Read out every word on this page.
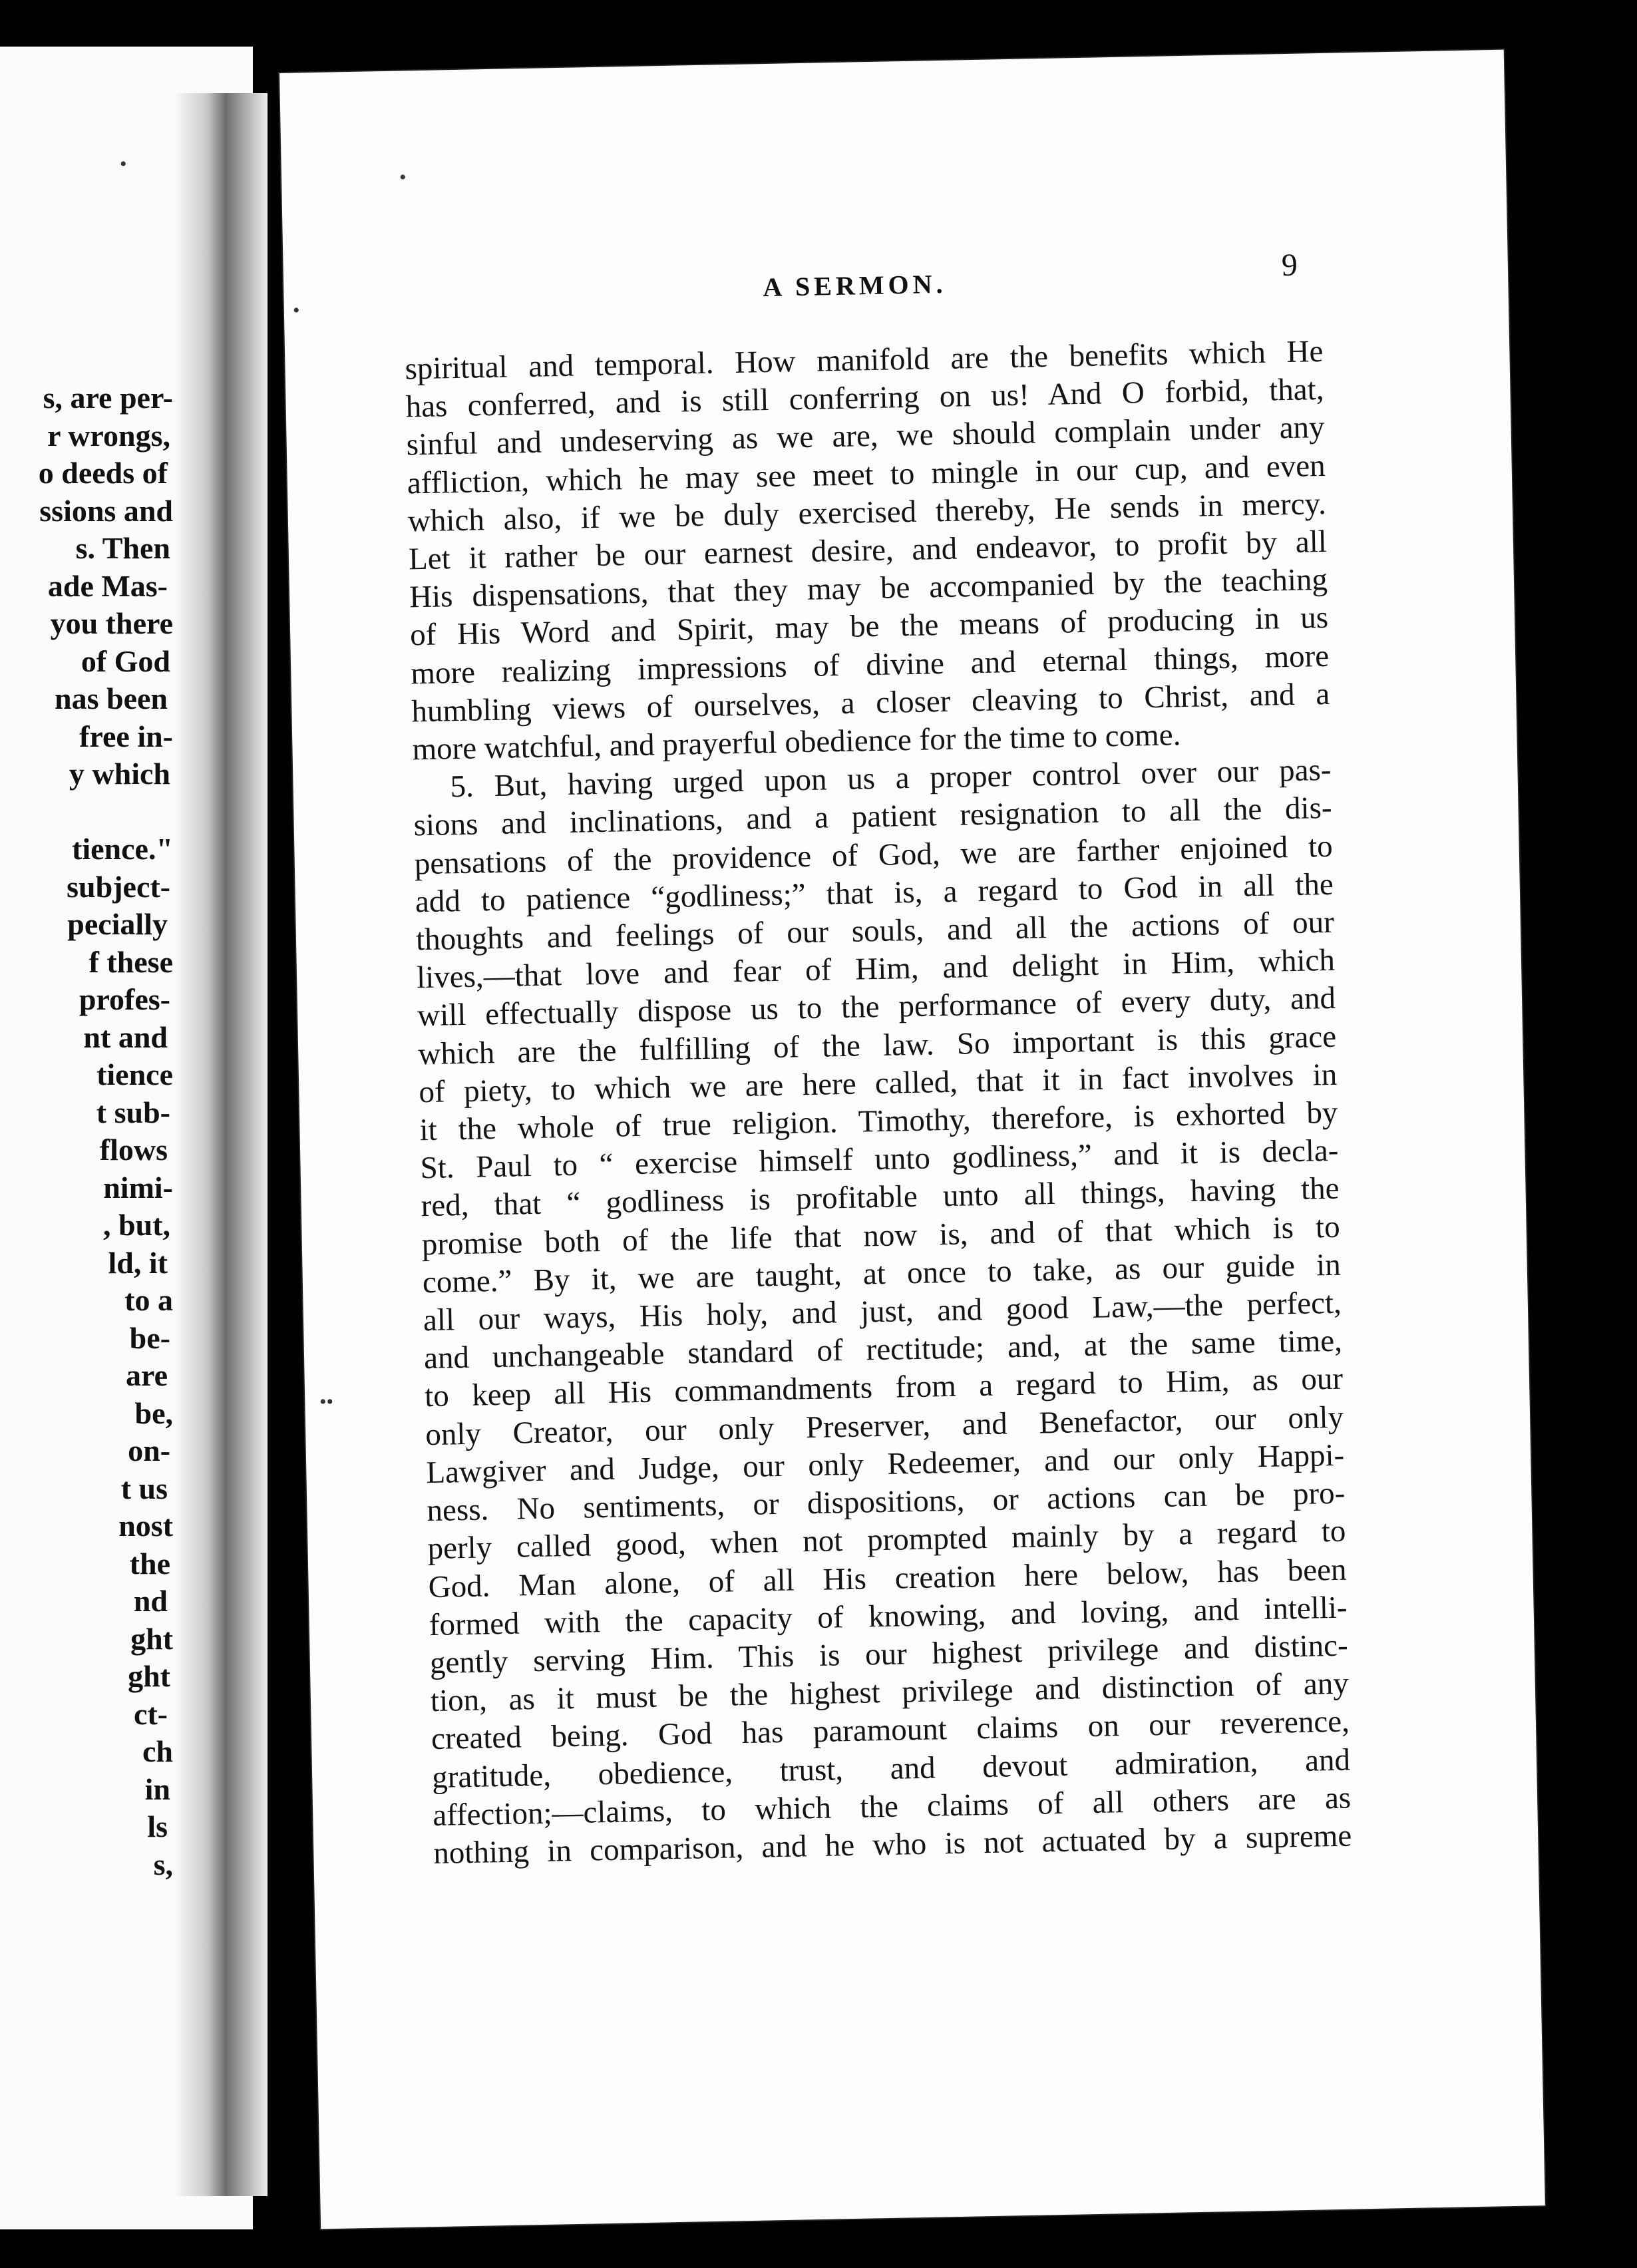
s, are per-
r wrongs,
o deeds of
ssions and
s. Then
ade Mas-
you there
of God
nas been
free in-
y which
tience."
subject-
pecially
f these
profes-
nt and
tience
t sub-
flows
nimi-
, but,
ld, it
to a
be-
are
be,
on-
t us
nost
the
nd
ght
ght
ct-
ch
in
ls
s,
A SERMON.
9
spiritual and temporal. How manifold are the benefits which He
has conferred, and is still conferring on us! And O forbid, that,
sinful and undeserving as we are, we should complain under any
affliction, which he may see meet to mingle in our cup, and even
which also, if we be duly exercised thereby, He sends in mercy.
Let it rather be our earnest desire, and endeavor, to profit by all
His dispensations, that they may be accompanied by the teaching
of His Word and Spirit, may be the means of producing in us
more realizing impressions of divine and eternal things, more
humbling views of ourselves, a closer cleaving to Christ, and a
more watchful, and prayerful obedience for the time to come.
5. But, having urged upon us a proper control over our pas-
sions and inclinations, and a patient resignation to all the dis-
pensations of the providence of God, we are farther enjoined to
add to patience “godliness;” that is, a regard to God in all the
thoughts and feelings of our souls, and all the actions of our
lives,—that love and fear of Him, and delight in Him, which
will effectually dispose us to the performance of every duty, and
which are the fulfilling of the law. So important is this grace
of piety, to which we are here called, that it in fact involves in
it the whole of true religion. Timothy, therefore, is exhorted by
St. Paul to “ exercise himself unto godliness,” and it is decla-
red, that “ godliness is profitable unto all things, having the
promise both of the life that now is, and of that which is to
come.” By it, we are taught, at once to take, as our guide in
all our ways, His holy, and just, and good Law,—the perfect,
and unchangeable standard of rectitude; and, at the same time,
to keep all His commandments from a regard to Him, as our
only Creator, our only Preserver, and Benefactor, our only
Lawgiver and Judge, our only Redeemer, and our only Happi-
ness. No sentiments, or dispositions, or actions can be pro-
perly called good, when not prompted mainly by a regard to
God. Man alone, of all His creation here below, has been
formed with the capacity of knowing, and loving, and intelli-
gently serving Him. This is our highest privilege and distinc-
tion, as it must be the highest privilege and distinction of any
created being. God has paramount claims on our reverence,
gratitude, obedience, trust, and devout admiration, and
affection;—claims, to which the claims of all others are as
nothing in comparison, and he who is not actuated by a supreme
•
•
••
•
